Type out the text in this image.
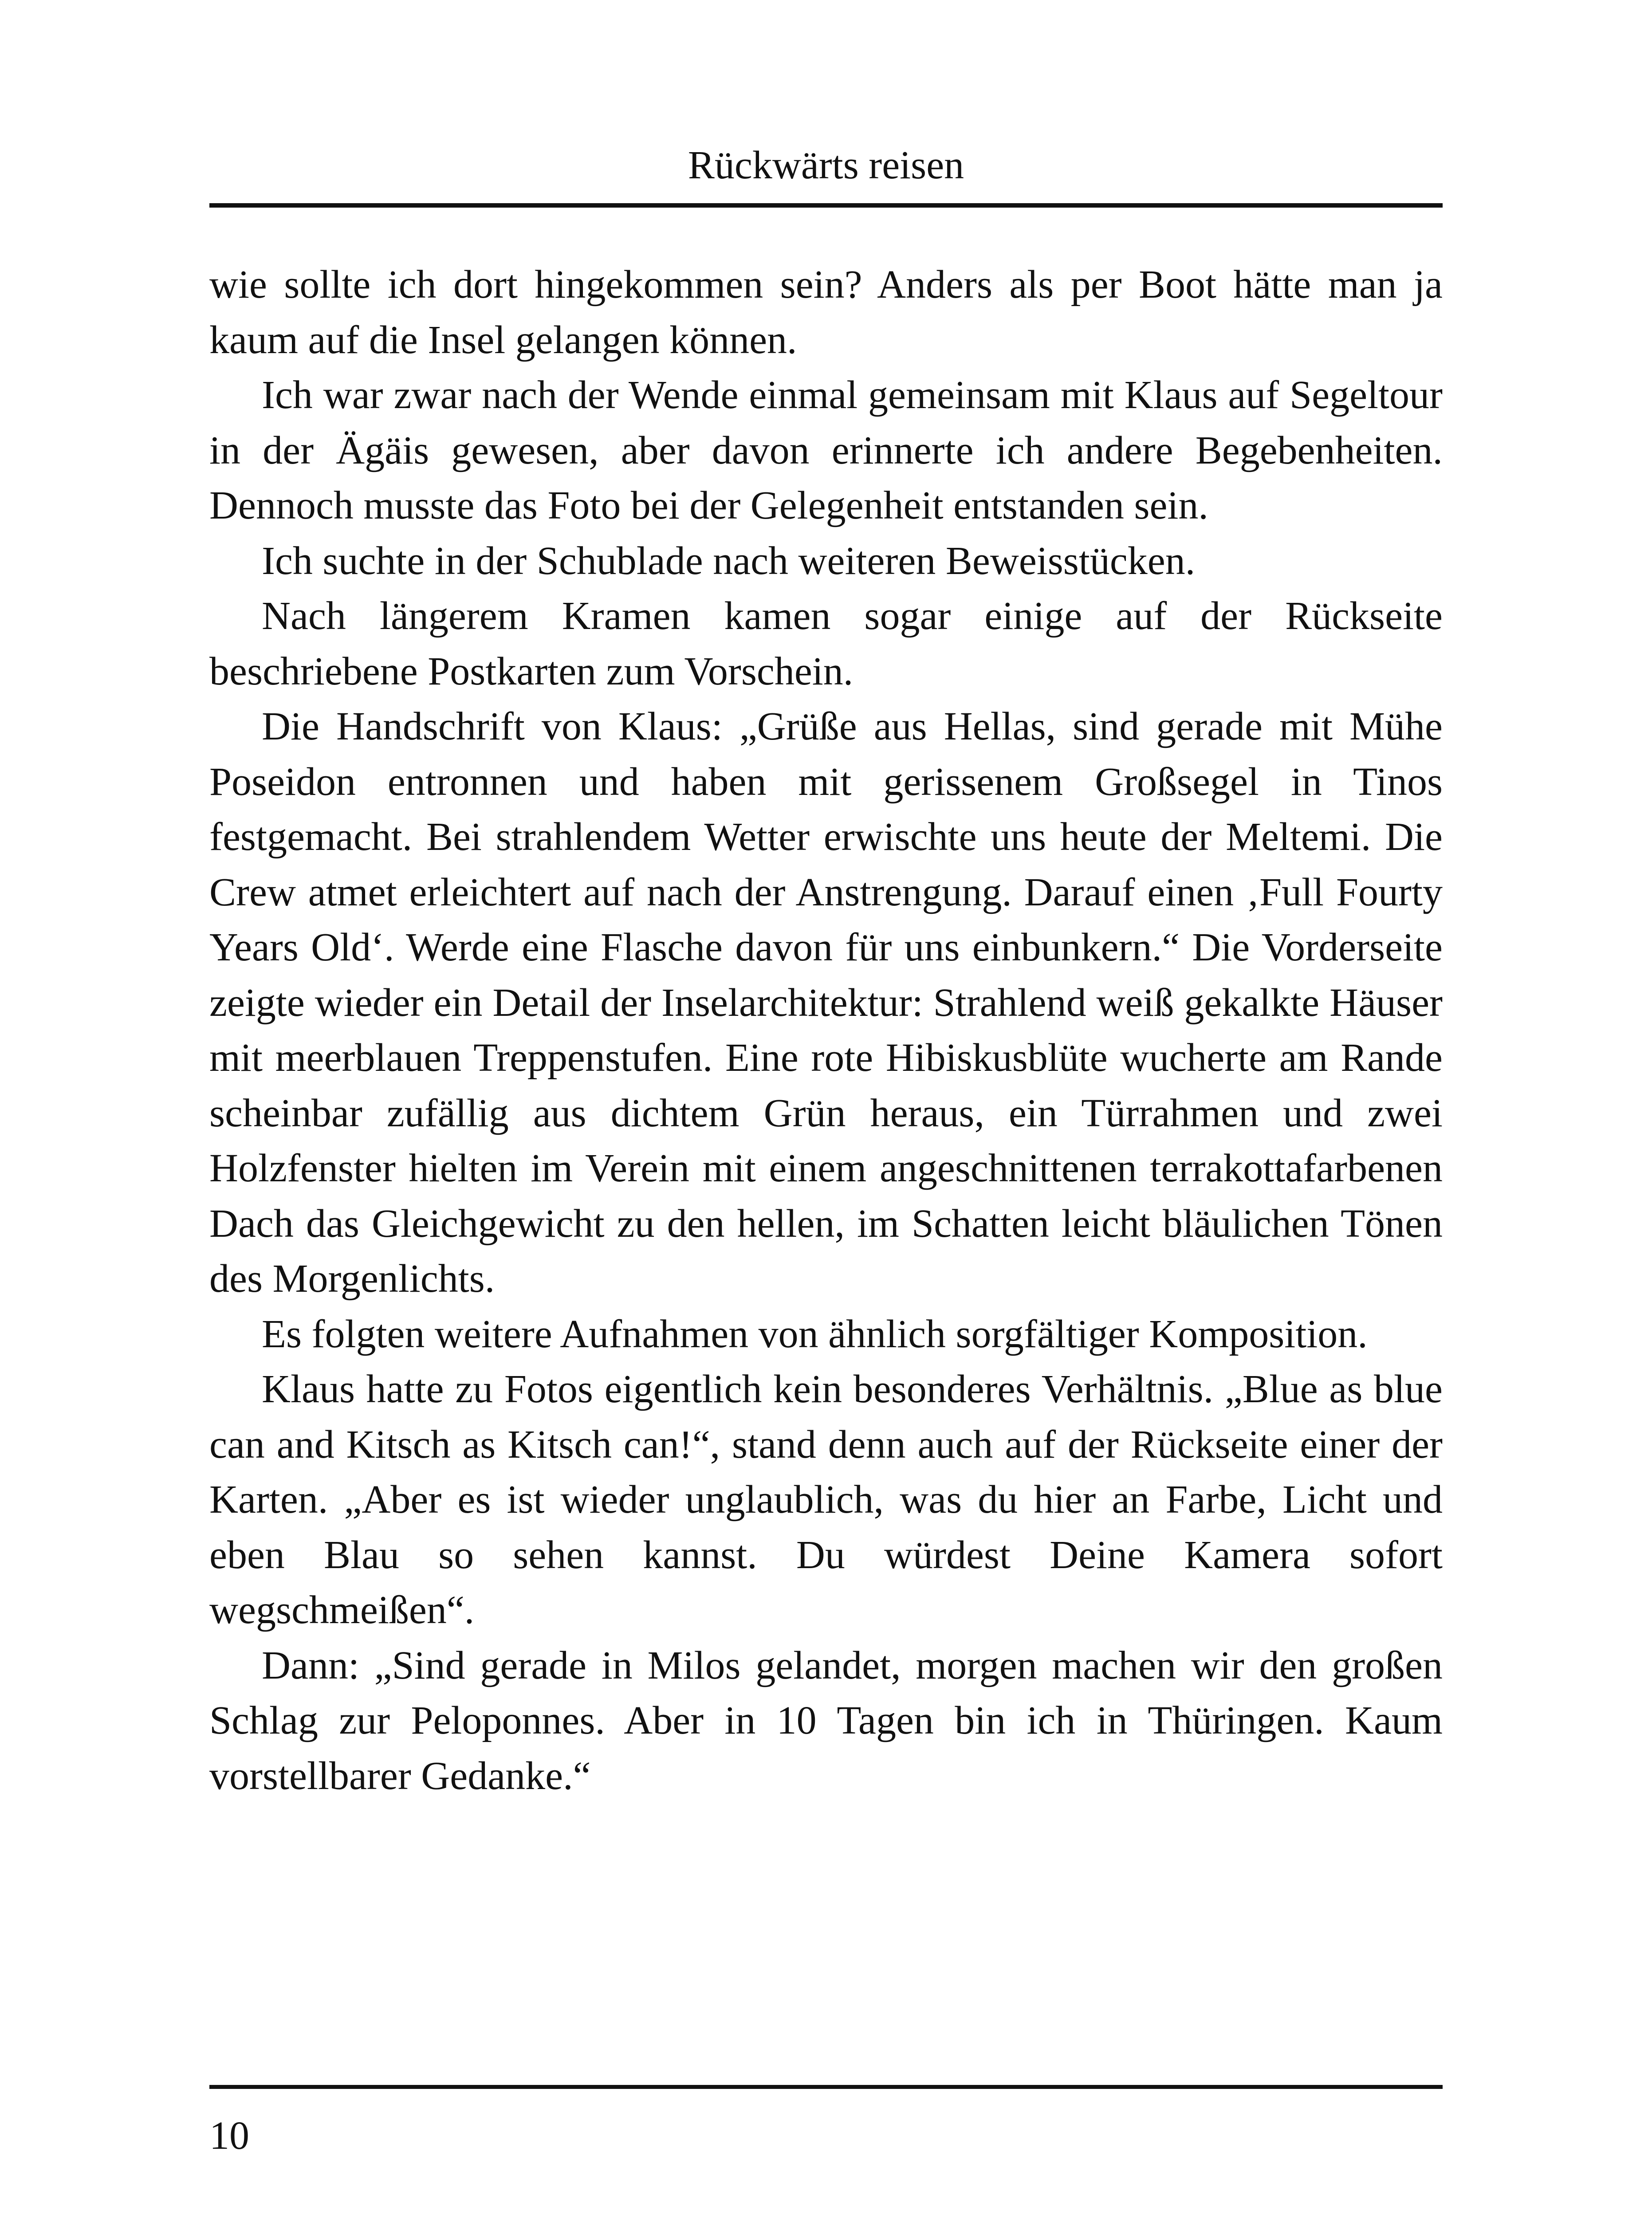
Rückwärts reisen

wie sollte ich dort hingekommen sein? Anders als per Boot hätte man ja kaum auf die Insel gelangen können.

Ich war zwar nach der Wende einmal gemeinsam mit Klaus auf Segeltour in der Ägäis gewesen, aber davon erinnerte ich andere Begebenheiten. Dennoch musste das Foto bei der Gelegenheit entstanden sein.

Ich suchte in der Schublade nach weiteren Beweisstücken.

Nach längerem Kramen kamen sogar einige auf der Rückseite beschriebene Postkarten zum Vorschein.

Die Handschrift von Klaus: „Grüße aus Hellas, sind gerade mit Mühe Poseidon entronnen und haben mit gerissenem Großsegel in Tinos festgemacht. Bei strahlendem Wetter erwischte uns heute der Meltemi. Die Crew atmet erleichtert auf nach der Anstrengung. Darauf einen ‚Full Fourty Years Old‘. Werde eine Flasche davon für uns einbunkern.“ Die Vorderseite zeigte wieder ein Detail der Inselarchitektur: Strahlend weiß gekalkte Häuser mit meerblauen Treppenstufen. Eine rote Hibiskusblüte wucherte am Rande scheinbar zufällig aus dichtem Grün heraus, ein Türrahmen und zwei Holzfenster hielten im Verein mit einem angeschnittenen terrakottafarbenen Dach das Gleichgewicht zu den hellen, im Schatten leicht bläulichen Tönen des Morgenlichts.

Es folgten weitere Aufnahmen von ähnlich sorgfältiger Komposition.

Klaus hatte zu Fotos eigentlich kein besonderes Verhältnis. „Blue as blue can and Kitsch as Kitsch can!“, stand denn auch auf der Rückseite einer der Karten. „Aber es ist wieder unglaublich, was du hier an Farbe, Licht und eben Blau so sehen kannst. Du würdest Deine Kamera sofort wegschmeißen“.

Dann: „Sind gerade in Milos gelandet, morgen machen wir den großen Schlag zur Peloponnes. Aber in 10 Tagen bin ich in Thüringen. Kaum vorstellbarer Gedanke.“

10
